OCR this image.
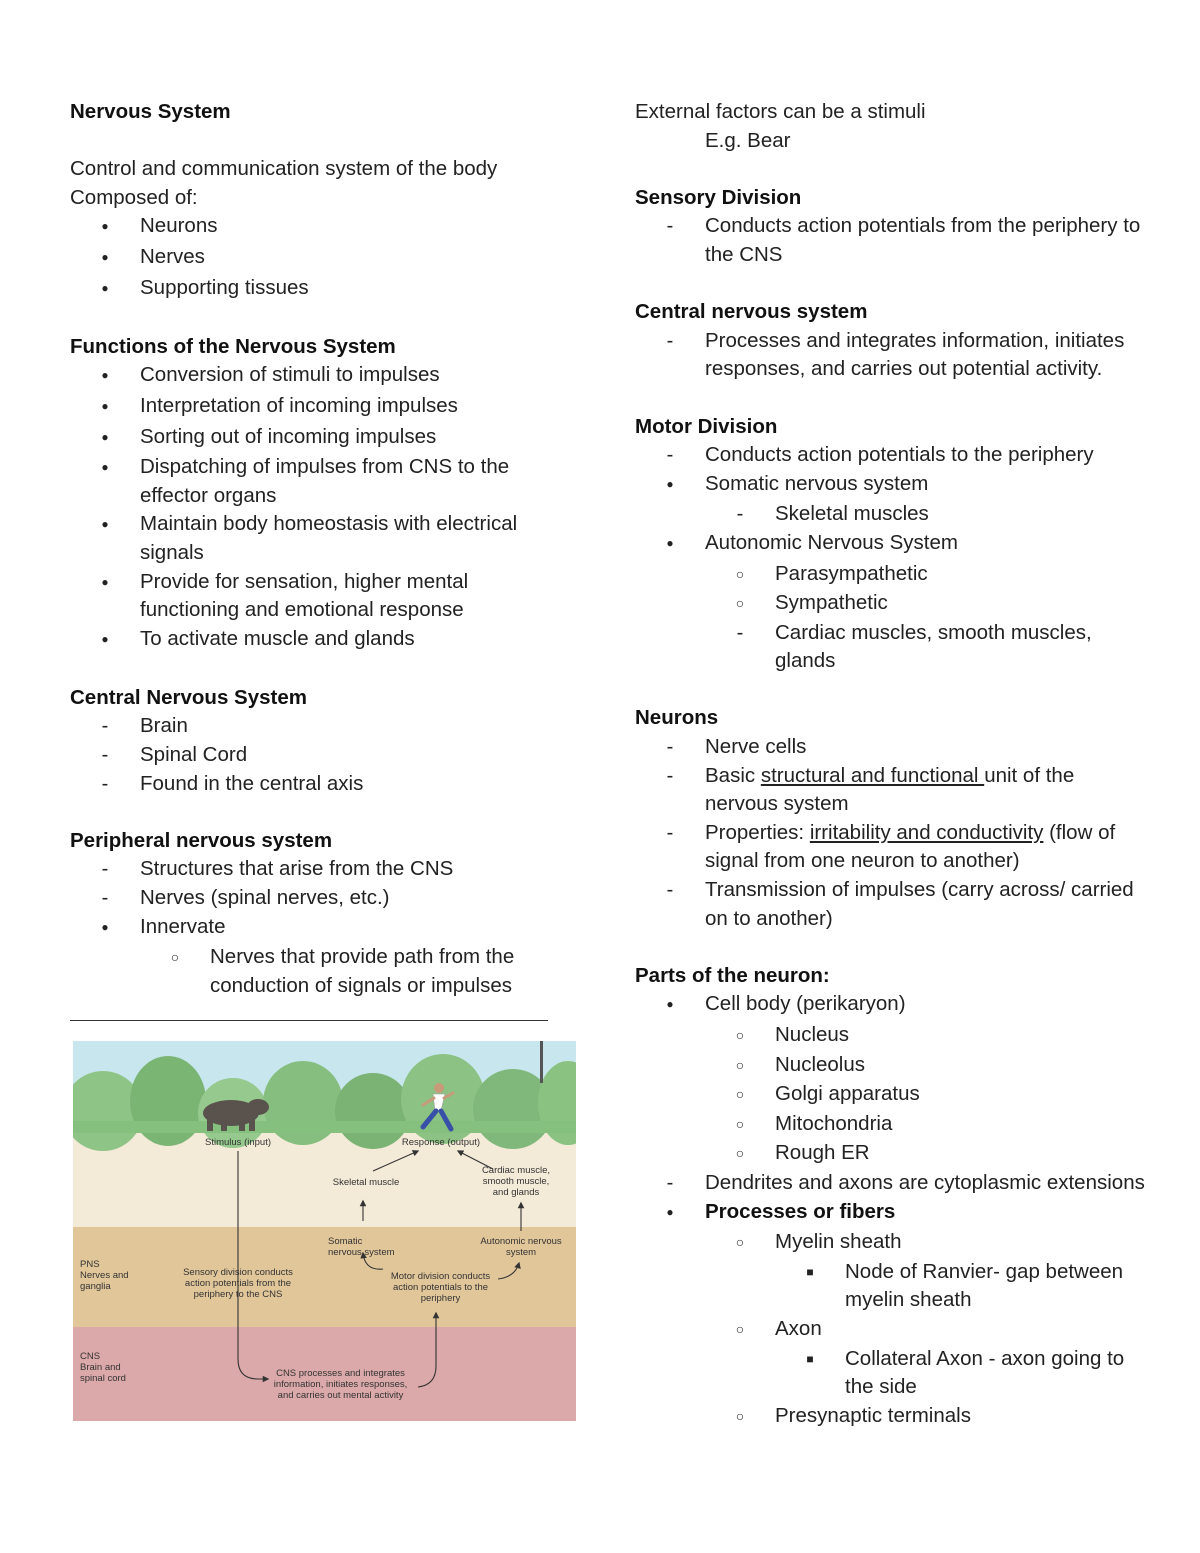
Nervous System

Control and communication system of the body

Composed of:

●
Neurons
●
Nerves
●
Supporting tissues

Functions of the Nervous System

●
Conversion of stimuli to impulses
●
Interpretation of incoming impulses
●
Sorting out of incoming impulses
●
Dispatching of impulses from CNS to the effector organs
●
Maintain body homeostasis with electrical signals
●
Provide for sensation, higher mental functioning and emotional response
●
To activate muscle and glands

Central Nervous System

-
Brain
-
Spinal Cord
-
Found in the central axis

Peripheral nervous system

-
Structures that arise from the CNS
-
Nerves (spinal nerves, etc.)
●
Innervate
○
Nerves that provide path from the conduction of signals or impulses
Stimulus (input)	Response (output)
Skeletal muscle
Cardiac muscle,
smooth muscle,
and glands
Somatic
nervous system
Autonomic nervous
system
PNS
Nerves and
ganglia
Sensory division conducts
action potentials from the
periphery to the CNS
Motor division conducts
action potentials to the
periphery
CNS
Brain and
spinal cord	CNS processes and integrates
information, initiates responses,
and carries out mental activity

External factors can be a stimuli

E.g. Bear

Sensory Division

-
Conducts action potentials from the periphery to the CNS

Central nervous system

-
Processes and integrates information, initiates responses, and carries out potential activity.

Motor Division

-
Conducts action potentials to the periphery
●
Somatic nervous system
-
Skeletal muscles
●
Autonomic Nervous System
○
Parasympathetic
○
Sympathetic
-
Cardiac muscles, smooth muscles, glands

Neurons

-
Nerve cells
-
Basic structural and functional unit of the nervous system
-
Properties: irritability and conductivity (flow of signal from one neuron to another)
-
Transmission of impulses (carry across/ carried on to another)

Parts of the neuron:

●
Cell body (perikaryon)
○
Nucleus
○
Nucleolus
○
Golgi apparatus
○
Mitochondria
○
Rough ER
-
Dendrites and axons are cytoplasmic extensions
●
Processes or fibers
○
Myelin sheath
■
Node of Ranvier- gap between myelin sheath
○
Axon
■
Collateral Axon - axon going to the side
○
Presynaptic terminals
